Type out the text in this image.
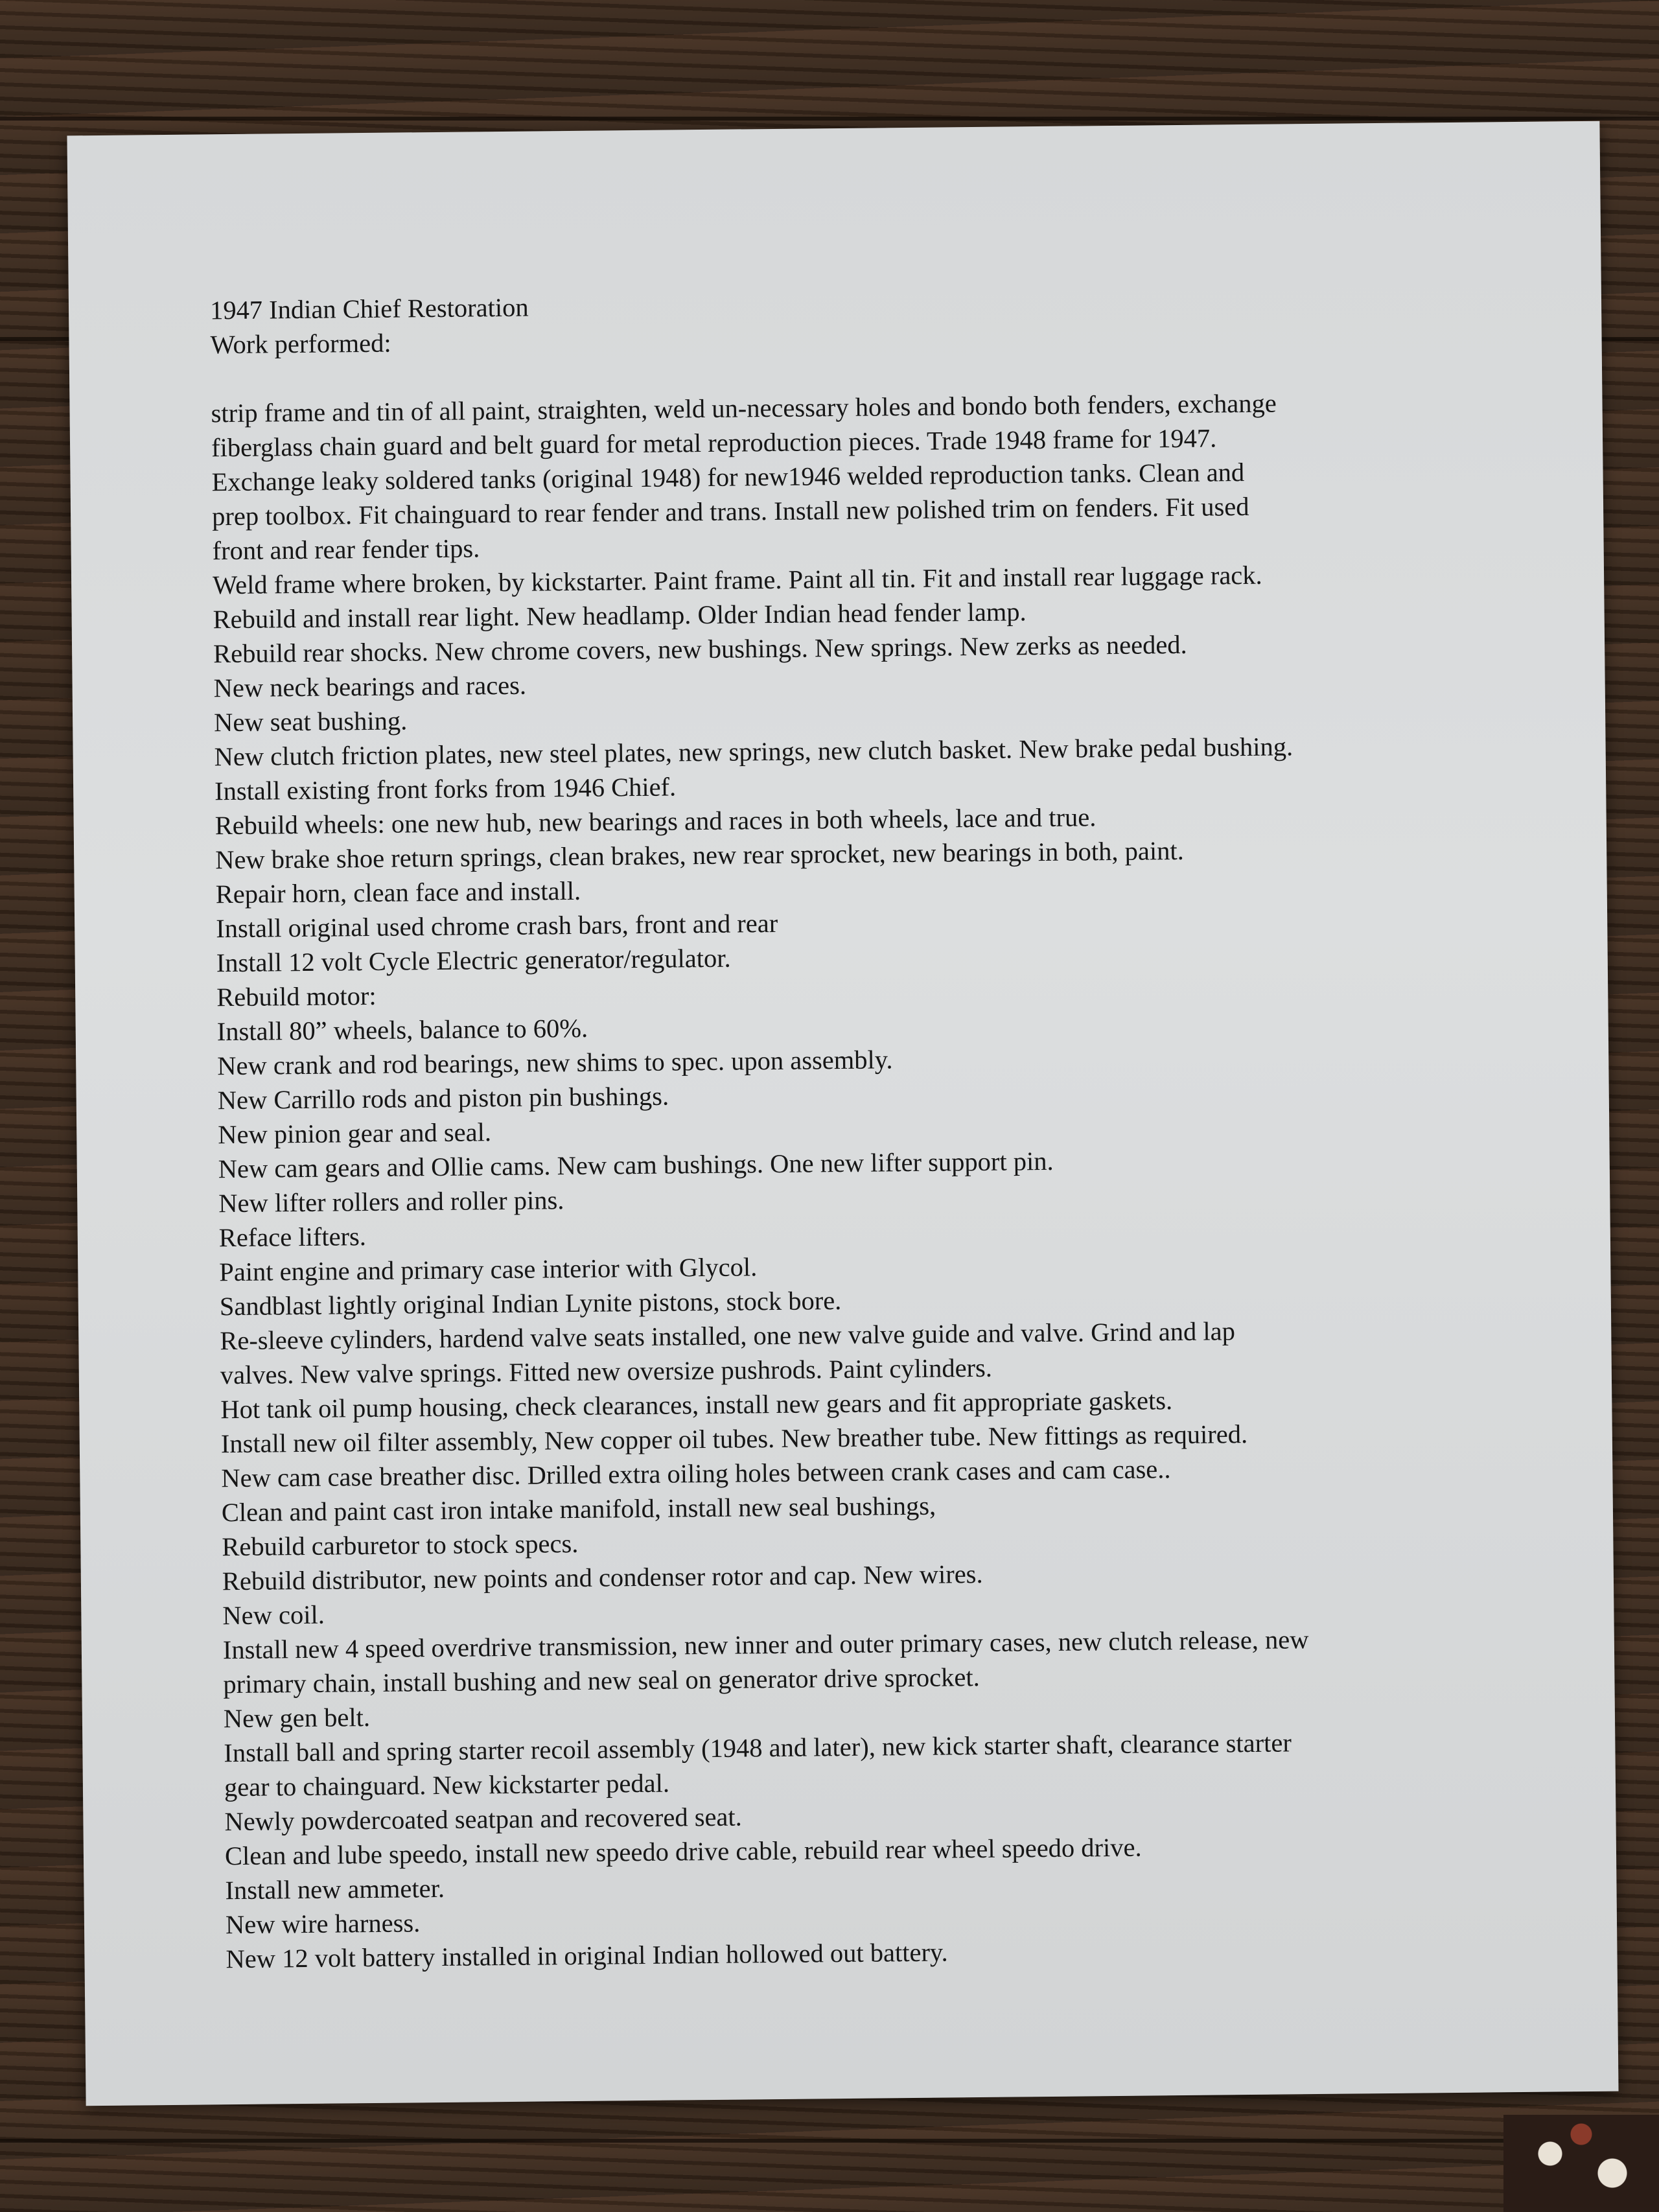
1947 Indian Chief Restoration
Work performed:
strip frame and tin of all paint, straighten, weld un-necessary holes and bondo both fenders, exchange
fiberglass chain guard and belt guard for metal reproduction pieces. Trade 1948 frame for 1947.
Exchange leaky soldered tanks (original 1948) for new1946 welded reproduction tanks. Clean and
prep toolbox. Fit chainguard to rear fender and trans. Install new polished trim on fenders. Fit used
front and rear fender tips.
Weld frame where broken, by kickstarter. Paint frame. Paint all tin. Fit and install rear luggage rack.
Rebuild and install rear light. New headlamp. Older Indian head fender lamp.
Rebuild rear shocks. New chrome covers, new bushings. New springs. New zerks as needed.
New neck bearings and races.
New seat bushing.
New clutch friction plates, new steel plates, new springs, new clutch basket. New brake pedal bushing.
Install existing front forks from 1946 Chief.
Rebuild wheels: one new hub, new bearings and races in both wheels, lace and true.
New brake shoe return springs, clean brakes, new rear sprocket, new bearings in both, paint.
Repair horn, clean face and install.
Install original used chrome crash bars, front and rear
Install 12 volt Cycle Electric generator/regulator.
Rebuild motor:
Install 80” wheels, balance to 60%.
New crank and rod bearings, new shims to spec. upon assembly.
New Carrillo rods and piston pin bushings.
New pinion gear and seal.
New cam gears and Ollie cams. New cam bushings. One new lifter support pin.
New lifter rollers and roller pins.
Reface lifters.
Paint engine and primary case interior with Glycol.
Sandblast lightly original Indian Lynite pistons, stock bore.
Re-sleeve cylinders, hardend valve seats installed, one new valve guide and valve. Grind and lap
valves. New valve springs. Fitted new oversize pushrods. Paint cylinders.
Hot tank oil pump housing, check clearances, install new gears and fit appropriate gaskets.
Install new oil filter assembly, New copper oil tubes. New breather tube. New fittings as required.
New cam case breather disc. Drilled extra oiling holes between crank cases and cam case..
Clean and paint cast iron intake manifold, install new seal bushings,
Rebuild carburetor to stock specs.
Rebuild distributor, new points and condenser rotor and cap. New wires.
New coil.
Install new 4 speed overdrive transmission, new inner and outer primary cases, new clutch release, new
primary chain, install bushing and new seal on generator drive sprocket.
New gen belt.
Install ball and spring starter recoil assembly (1948 and later), new kick starter shaft, clearance starter
gear to chainguard. New kickstarter pedal.
Newly powdercoated seatpan and recovered seat.
Clean and lube speedo, install new speedo drive cable, rebuild rear wheel speedo drive.
Install new ammeter.
New wire harness.
New 12 volt battery installed in original Indian hollowed out battery.
